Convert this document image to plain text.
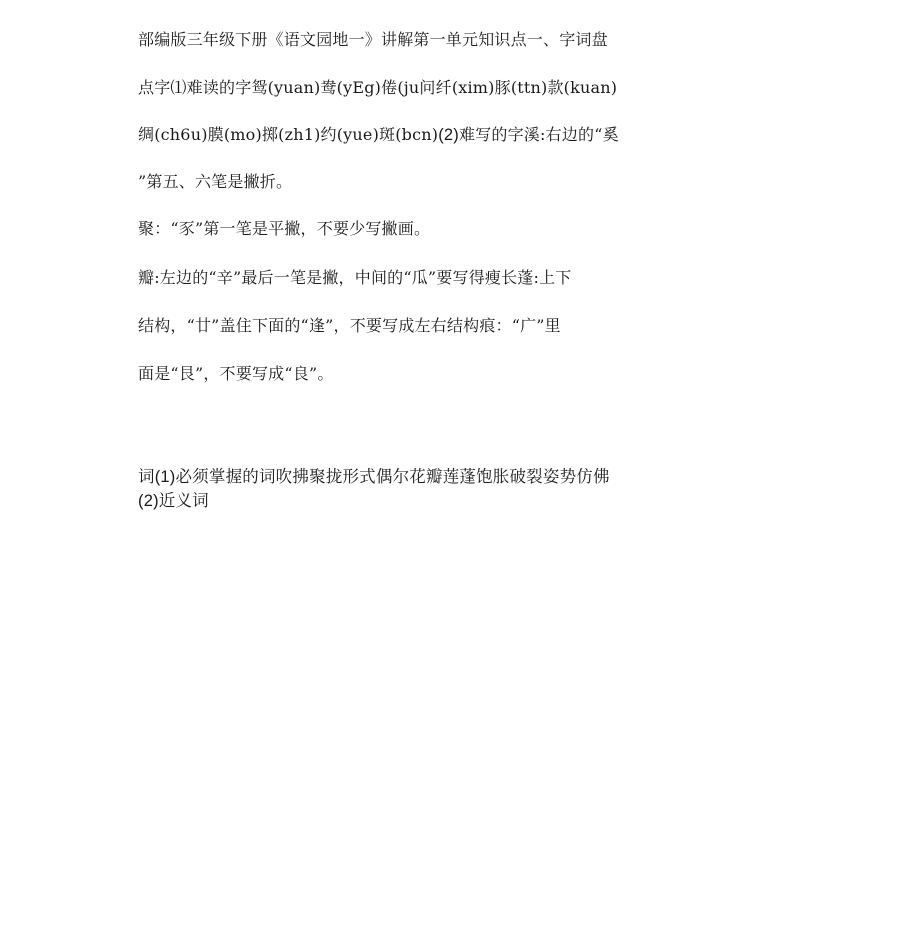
部编版三年级下册《语文园地一》讲解第一单元知识点一、字词盘
点字⑴难读的字鸳(yuan)鸯(yEg)倦(ju问纤(xim)豚(ttn)款(kuan)
绸(ch6u)膜(mo)掷(zh1)约(yue)斑(bcn)(2)难写的字溪:右边的“奚
”第五、六笔是撇折。
聚：“豕”第一笔是平撇，不要少写撇画。
瓣:左边的“辛”最后一笔是撇，中间的“瓜”要写得瘦长蓬:上下
结构，“廿”盖住下面的“逢”，不要写成左右结构痕：“广”里
面是“艮”，不要写成“良”。
词(1)必须掌握的词吹拂聚拢形式偶尔花瓣莲蓬饱胀破裂姿势仿佛
(2)近义词
